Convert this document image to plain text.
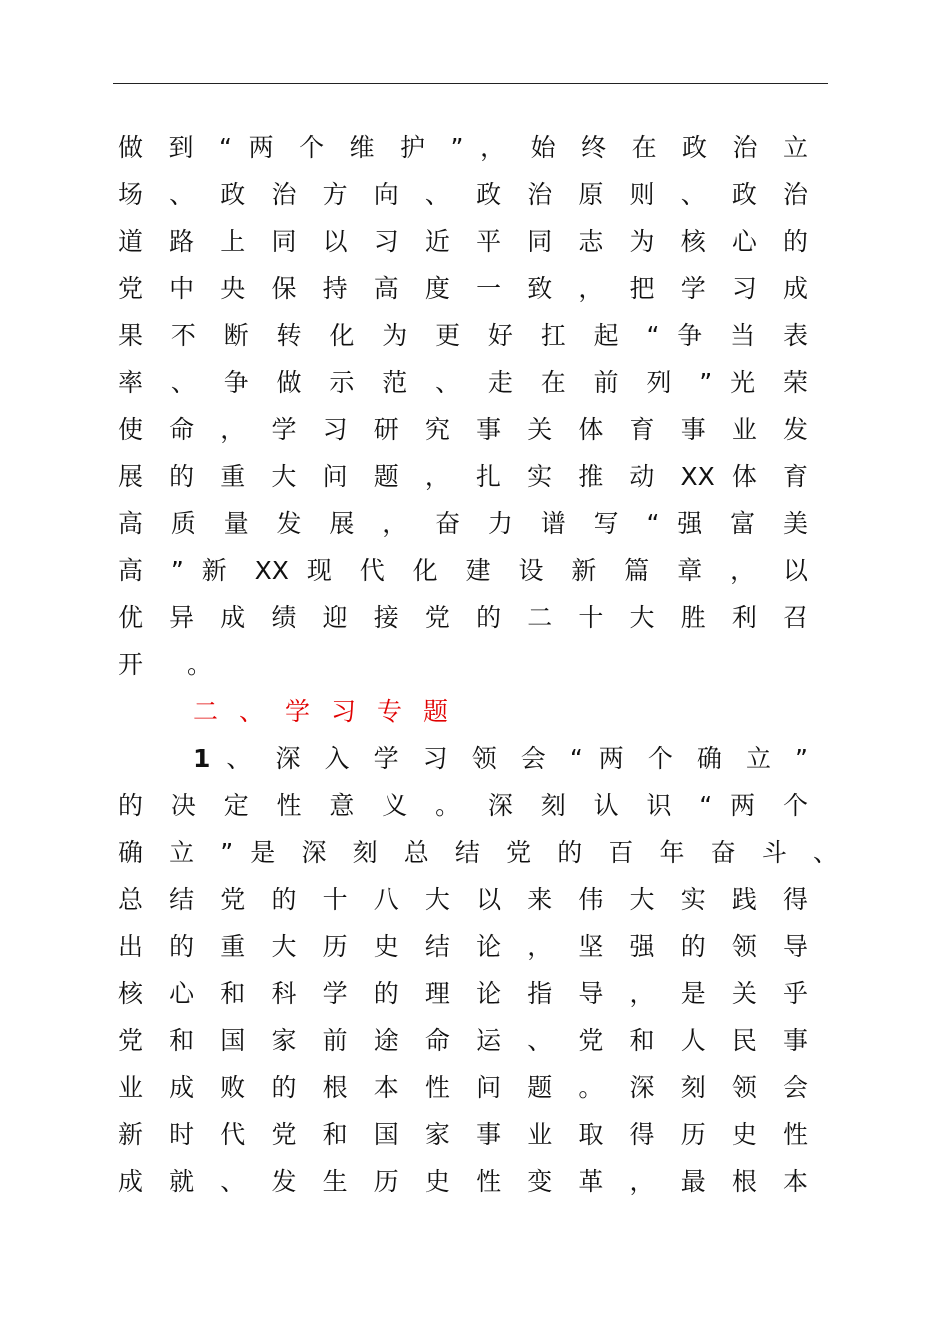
做 到 “ 两 个 维 护 ” ， 始 终 在 政 治 立
场 、 政 治 方 向 、 政 治 原 则 、 政 治
道 路 上 同 以 习 近 平 同 志 为 核 心 的
党 中 央 保 持 高 度 一 致 ， 把 学 习 成
果 不 断 转 化 为 更 好 扛 起 “ 争 当 表
率 、 争 做 示 范 、 走 在 前 列 ” 光 荣
使 命 ， 学 习 研 究 事 关 体 育 事 业 发
展 的 重 大 问 题 ， 扎 实 推 动 XX 体 育
高 质 量 发 展 ， 奋 力 谱 写 “ 强 富 美
高 ” 新 XX 现 代 化 建 设 新 篇 章 ， 以
优 异 成 绩 迎 接 党 的 二 十 大 胜 利 召
开 。
二、学习专题
1 、 深 入 学 习 领 会 “ 两 个 确 立 ”
的 决 定 性 意 义 。 深 刻 认 识 “ 两 个
确 立 ” 是 深 刻 总 结 党 的 百 年 奋 斗 、
总 结 党 的 十 八 大 以 来 伟 大 实 践 得
出 的 重 大 历 史 结 论 ， 坚 强 的 领 导
核 心 和 科 学 的 理 论 指 导 ， 是 关 乎
党 和 国 家 前 途 命 运 、 党 和 人 民 事
业 成 败 的 根 本 性 问 题 。 深 刻 领 会
新 时 代 党 和 国 家 事 业 取 得 历 史 性
成 就 、 发 生 历 史 性 变 革 ， 最 根 本
